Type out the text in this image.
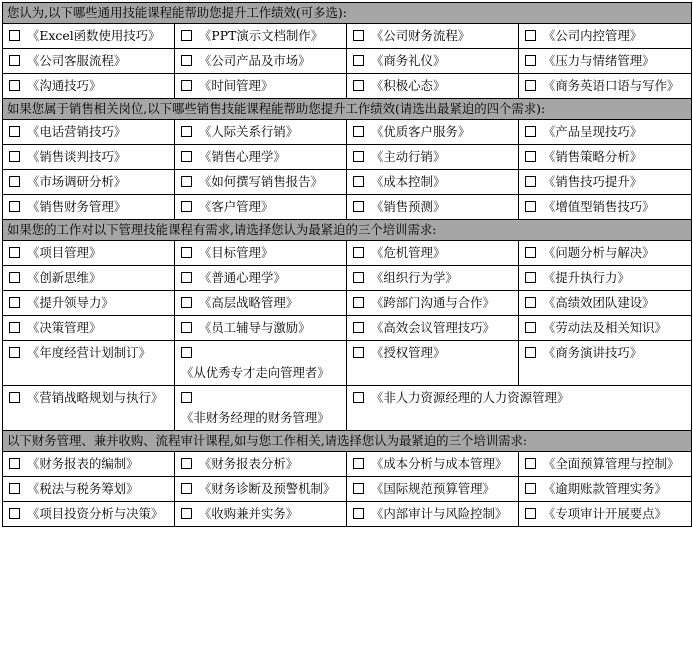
您认为,以下哪些通用技能课程能帮助您提升工作绩效(可多选):			
《Excel函数使用技巧》	《PPT演示文档制作》	《公司财务流程》	《公司内控管理》
《公司客服流程》	《公司产品及市场》	《商务礼仪》	《压力与情绪管理》
《沟通技巧》	《时间管理》	《积极心态》	《商务英语口语与写作》
如果您属于销售相关岗位,以下哪些销售技能课程能帮助您提升工作绩效(请选出最紧迫的四个需求):			
《电话营销技巧》	《人际关系行销》	《优质客户服务》	《产品呈现技巧》
《销售谈判技巧》	《销售心理学》	《主动行销》	《销售策略分析》
《市场调研分析》	《如何撰写销售报告》	《成本控制》	《销售技巧提升》
《销售财务管理》	《客户管理》	《销售预测》	《增值型销售技巧》
如果您的工作对以下管理技能课程有需求,请选择您认为最紧迫的三个培训需求:			
《项目管理》	《目标管理》	《危机管理》	《问题分析与解决》
《创新思维》	《普通心理学》	《组织行为学》	《提升执行力》
《提升领导力》	《高层战略管理》	《跨部门沟通与合作》	《高绩效团队建设》
《决策管理》	《员工辅导与激励》	《高效会议管理技巧》	《劳动法及相关知识》
《年度经营计划制订》	《从优秀专才走向管理者》	《授权管理》	《商务演讲技巧》
《营销战略规划与执行》	《非财务经理的财务管理》	《非人力资源经理的人力资源管理》	
以下财务管理、兼并收购、流程审计课程,如与您工作相关,请选择您认为最紧迫的三个培训需求:			
《财务报表的编制》	《财务报表分析》	《成本分析与成本管理》	《全面预算管理与控制》
《税法与税务筹划》	《财务诊断及预警机制》	《国际规范预算管理》	《逾期账款管理实务》
《项目投资分析与决策》	《收购兼并实务》	《内部审计与风险控制》	《专项审计开展要点》
